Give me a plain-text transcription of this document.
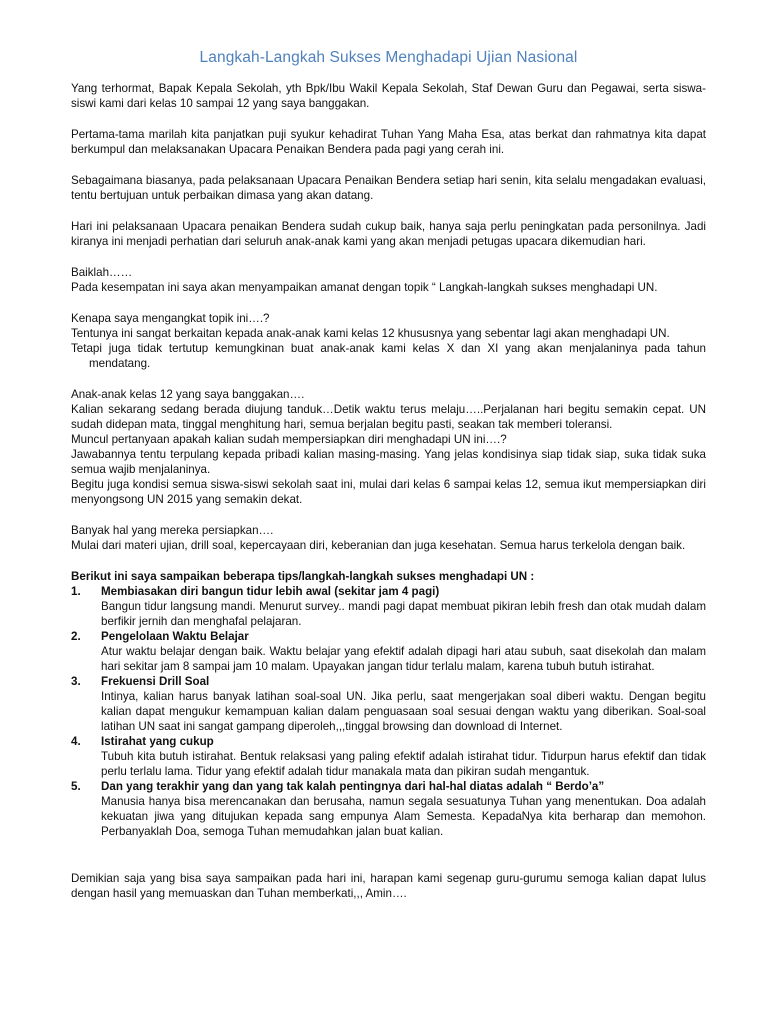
Langkah-Langkah Sukses Menghadapi Ujian Nasional

Yang terhormat, Bapak Kepala Sekolah, yth Bpk/Ibu Wakil Kepala Sekolah, Staf Dewan Guru dan Pegawai, serta siswa-siswi kami dari kelas 10 sampai 12 yang saya banggakan.

Pertama-tama marilah kita panjatkan puji syukur kehadirat Tuhan Yang Maha Esa, atas berkat dan rahmatnya kita dapat berkumpul dan melaksanakan Upacara Penaikan Bendera pada pagi yang cerah ini.

Sebagaimana biasanya, pada pelaksanaan Upacara Penaikan Bendera setiap hari senin, kita selalu mengadakan evaluasi, tentu bertujuan untuk perbaikan dimasa yang akan datang.

Hari ini pelaksanaan Upacara penaikan Bendera sudah cukup baik, hanya saja perlu peningkatan pada personilnya. Jadi kiranya ini menjadi perhatian dari seluruh anak-anak kami yang akan menjadi petugas upacara dikemudian hari.

Baiklah……

Pada kesempatan ini saya akan menyampaikan amanat dengan topik “ Langkah-langkah sukses menghadapi UN.

Kenapa saya mengangkat topik ini….?

Tentunya ini sangat berkaitan kepada anak-anak kami kelas 12 khususnya yang sebentar lagi akan menghadapi UN.

Tetapi juga tidak tertutup kemungkinan buat anak-anak kami kelas X dan XI yang akan menjalaninya pada tahun mendatang.

Anak-anak kelas 12 yang saya banggakan….

Kalian sekarang sedang berada diujung tanduk…Detik waktu terus melaju…..Perjalanan hari begitu semakin cepat. UN sudah didepan mata, tinggal menghitung hari, semua berjalan begitu pasti, seakan tak memberi toleransi.

Muncul pertanyaan apakah kalian sudah mempersiapkan diri menghadapi UN ini….?

Jawabannya tentu terpulang kepada pribadi kalian masing-masing. Yang jelas kondisinya siap tidak siap, suka tidak suka semua wajib menjalaninya.

Begitu juga kondisi semua siswa-siswi sekolah saat ini, mulai dari kelas 6 sampai kelas 12, semua ikut mempersiapkan diri menyongsong UN 2015 yang semakin dekat.

Banyak hal yang mereka persiapkan….

Mulai dari materi ujian, drill soal, kepercayaan diri, keberanian dan juga kesehatan. Semua harus terkelola dengan baik.

Berikut ini saya sampaikan beberapa tips/langkah-langkah sukses menghadapi UN :

1.	Membiasakan diri bangun tidur lebih awal (sekitar jam 4 pagi)
Bangun tidur langsung mandi. Menurut survey.. mandi pagi dapat membuat pikiran lebih fresh dan otak mudah dalam berfikir jernih dan menghafal pelajaran.
2.	Pengelolaan Waktu Belajar
Atur waktu belajar dengan baik. Waktu belajar yang efektif adalah dipagi hari atau subuh, saat disekolah dan malam hari sekitar jam 8 sampai jam 10 malam. Upayakan jangan tidur terlalu malam, karena tubuh butuh istirahat.
3.	Frekuensi Drill Soal
Intinya, kalian harus banyak latihan soal-soal UN. Jika perlu, saat mengerjakan soal diberi waktu. Dengan begitu kalian dapat mengukur kemampuan kalian dalam penguasaan soal sesuai dengan waktu yang diberikan. Soal-soal latihan UN saat ini sangat gampang diperoleh,,,tinggal browsing dan download di Internet.
4.	Istirahat yang cukup
Tubuh kita butuh istirahat. Bentuk relaksasi yang paling efektif adalah istirahat tidur. Tidurpun harus efektif dan tidak perlu terlalu lama. Tidur yang efektif adalah tidur manakala mata dan pikiran sudah mengantuk.
5.	Dan yang terakhir yang dan yang tak kalah pentingnya dari hal-hal diatas adalah “ Berdo’a”
Manusia hanya bisa merencanakan dan berusaha, namun segala sesuatunya Tuhan yang menentukan. Doa adalah kekuatan jiwa yang ditujukan kepada sang empunya Alam Semesta. KepadaNya kita berharap dan memohon. Perbanyaklah Doa, semoga Tuhan memudahkan jalan buat kalian.

Demikian saja yang bisa saya sampaikan pada hari ini, harapan kami segenap guru-gurumu semoga kalian dapat lulus dengan hasil yang memuaskan dan Tuhan memberkati,,, Amin….
